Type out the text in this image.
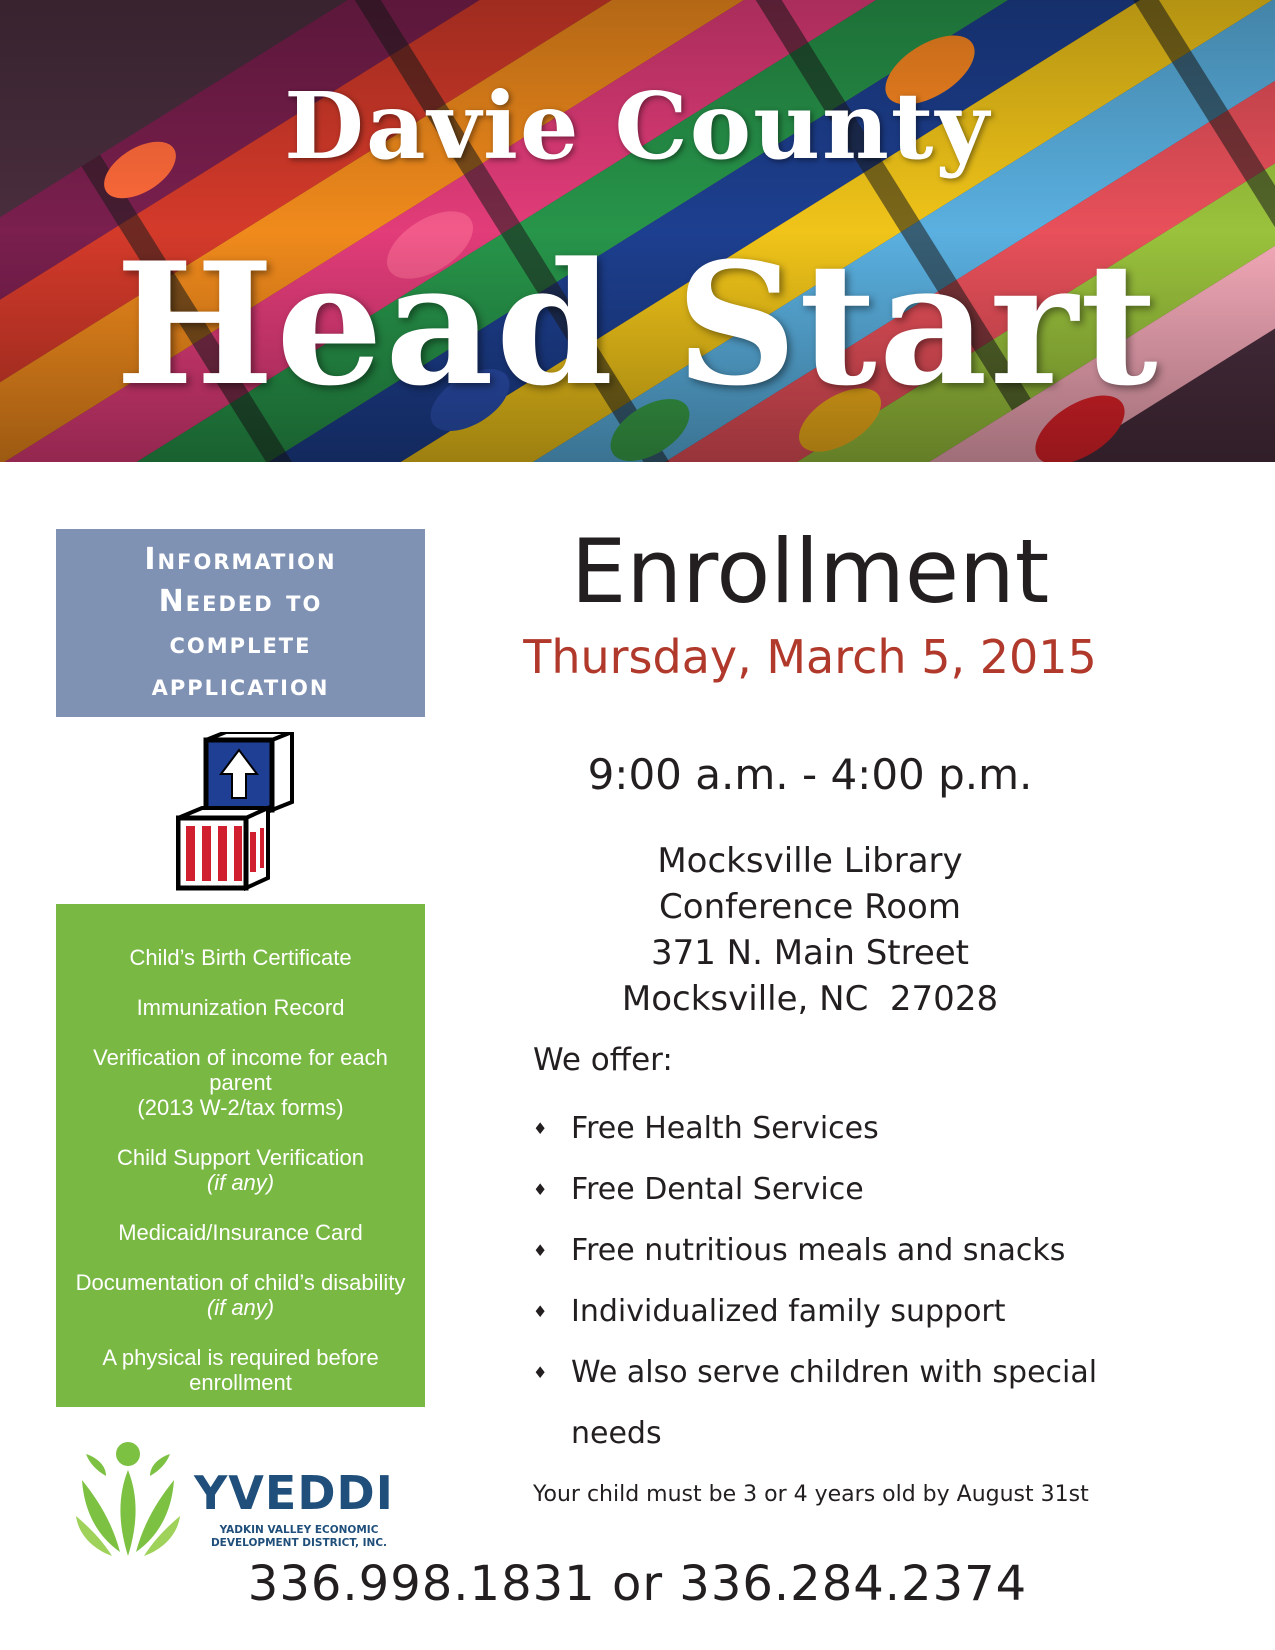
Davie County
Head Start
Information
Needed to
complete
application
Child’s Birth Certificate
Immunization Record
Verification of income for each parent
(2013 W-2/tax forms)
Child Support Verification
(if any)
Medicaid/Insurance Card
Documentation of child’s disability (if any)
A physical is required before enrollment
YVEDDI
YADKIN VALLEY ECONOMIC
DEVELOPMENT DISTRICT, INC.
Enrollment
Thursday, March 5, 2015
9:00 a.m. - 4:00 p.m.
Mocksville Library
Conference Room
371 N. Main Street
Mocksville, NC  27028
We offer:
♦ Free Health Services
♦ Free Dental Service
♦ Free nutritious meals and snacks
♦ Individualized family support
♦ We also serve children with special needs
Your child must be 3 or 4 years old by August 31st
336.998.1831 or 336.284.2374
